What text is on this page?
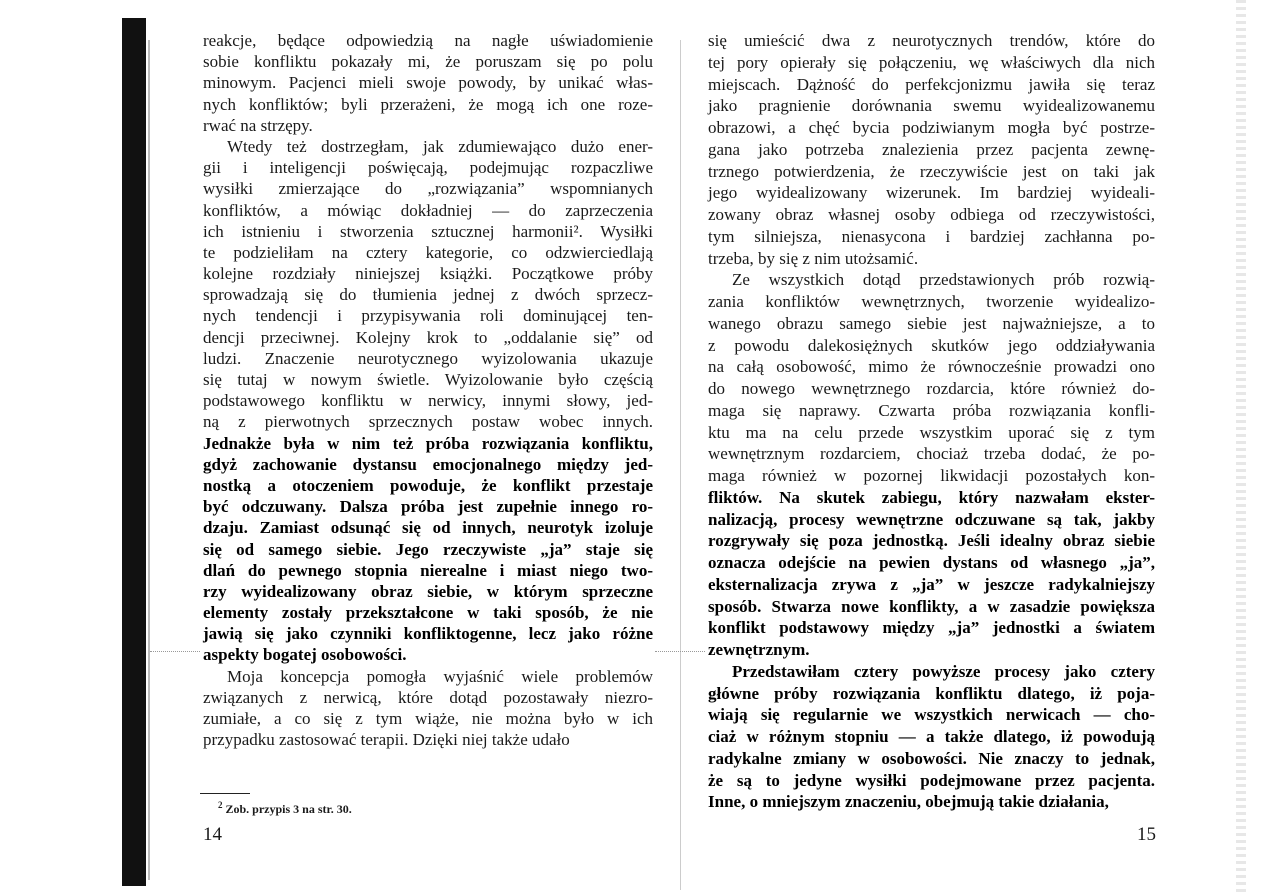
reakcje, będące odpowiedzią na nagłe uświadomienie
sobie konfliktu pokazały mi, że poruszam się po polu
minowym. Pacjenci mieli swoje powody, by unikać włas-
nych konfliktów; byli przerażeni, że mogą ich one roze-
rwać na strzępy.
Wtedy też dostrzegłam, jak zdumiewająco dużo ener-
gii i inteligencji poświęcają, podejmując rozpaczliwe
wysiłki zmierzające do „rozwiązania” wspomnianych
konfliktów, a mówiąc dokładniej — do zaprzeczenia
ich istnieniu i stworzenia sztucznej harmonii². Wysiłki
te podzieliłam na cztery kategorie, co odzwierciedlają
kolejne rozdziały niniejszej książki. Początkowe próby
sprowadzają się do tłumienia jednej z dwóch sprzecz-
nych tendencji i przypisywania roli dominującej ten-
dencji przeciwnej. Kolejny krok to „oddalanie się” od
ludzi. Znaczenie neurotycznego wyizolowania ukazuje
się tutaj w nowym świetle. Wyizolowanie było częścią
podstawowego konfliktu w nerwicy, innymi słowy, jed-
ną z pierwotnych sprzecznych postaw wobec innych.
Jednakże była w nim też próba rozwiązania konfliktu,
gdyż zachowanie dystansu emocjonalnego między jed-
nostką a otoczeniem powoduje, że konflikt przestaje
być odczuwany. Dalsza próba jest zupełnie innego ro-
dzaju. Zamiast odsunąć się od innych, neurotyk izoluje
się od samego siebie. Jego rzeczywiste „ja” staje się
dlań do pewnego stopnia nierealne i miast niego two-
rzy wyidealizowany obraz siebie, w którym sprzeczne
elementy zostały przekształcone w taki sposób, że nie
jawią się jako czynniki konfliktogenne, lecz jako różne
aspekty bogatej osobowości.
Moja koncepcja pomogła wyjaśnić wiele problemów
związanych z nerwicą, które dotąd pozostawały niezro-
zumiałe, a co się z tym wiąże, nie można było w ich
przypadku zastosować terapii. Dzięki niej także udało
się umieścić dwa z neurotycznych trendów, które do
tej pory opierały się połączeniu, wę właściwych dla nich
miejscach. Dążność do perfekcjonizmu jawiła się teraz
jako pragnienie dorównania swemu wyidealizowanemu
obrazowi, a chęć bycia podziwianym mogła być postrze-
gana jako potrzeba znalezienia przez pacjenta zewnę-
trznego potwierdzenia, że rzeczywiście jest on taki jak
jego wyidealizowany wizerunek. Im bardziej wyideali-
zowany obraz własnej osoby odbiega od rzeczywistości,
tym silniejsza, nienasycona i bardziej zachłanna po-
trzeba, by się z nim utożsamić.
Ze wszystkich dotąd przedstawionych prób rozwią-
zania konfliktów wewnętrznych, tworzenie wyidealizo-
wanego obrazu samego siebie jest najważniejsze, a to
z powodu dalekosiężnych skutków jego oddziaływania
na całą osobowość, mimo że równocześnie prowadzi ono
do nowego wewnętrznego rozdarcia, które również do-
maga się naprawy. Czwarta próba rozwiązania konfli-
ktu ma na celu przede wszystkim uporać się z tym
wewnętrznym rozdarciem, chociaż trzeba dodać, że po-
maga również w pozornej likwidacji pozostałych kon-
fliktów. Na skutek zabiegu, który nazwałam ekster-
nalizacją, procesy wewnętrzne odczuwane są tak, jakby
rozgrywały się poza jednostką. Jeśli idealny obraz siebie
oznacza odejście na pewien dystans od własnego „ja”,
eksternalizacja zrywa z „ja” w jeszcze radykalniejszy
sposób. Stwarza nowe konflikty, a w zasadzie powiększa
konflikt podstawowy między „ja” jednostki a światem
zewnętrznym.
Przedstawiłam cztery powyższe procesy jako cztery
główne próby rozwiązania konfliktu dlatego, iż poja-
wiają się regularnie we wszystkich nerwicach — cho-
ciaż w różnym stopniu — a także dlatego, iż powodują
radykalne zmiany w osobowości. Nie znaczy to jednak,
że są to jedyne wysiłki podejmowane przez pacjenta.
Inne, o mniejszym znaczeniu, obejmują takie działania,
$^2$ Zob. przypis 3 na str. 30.
14	15
